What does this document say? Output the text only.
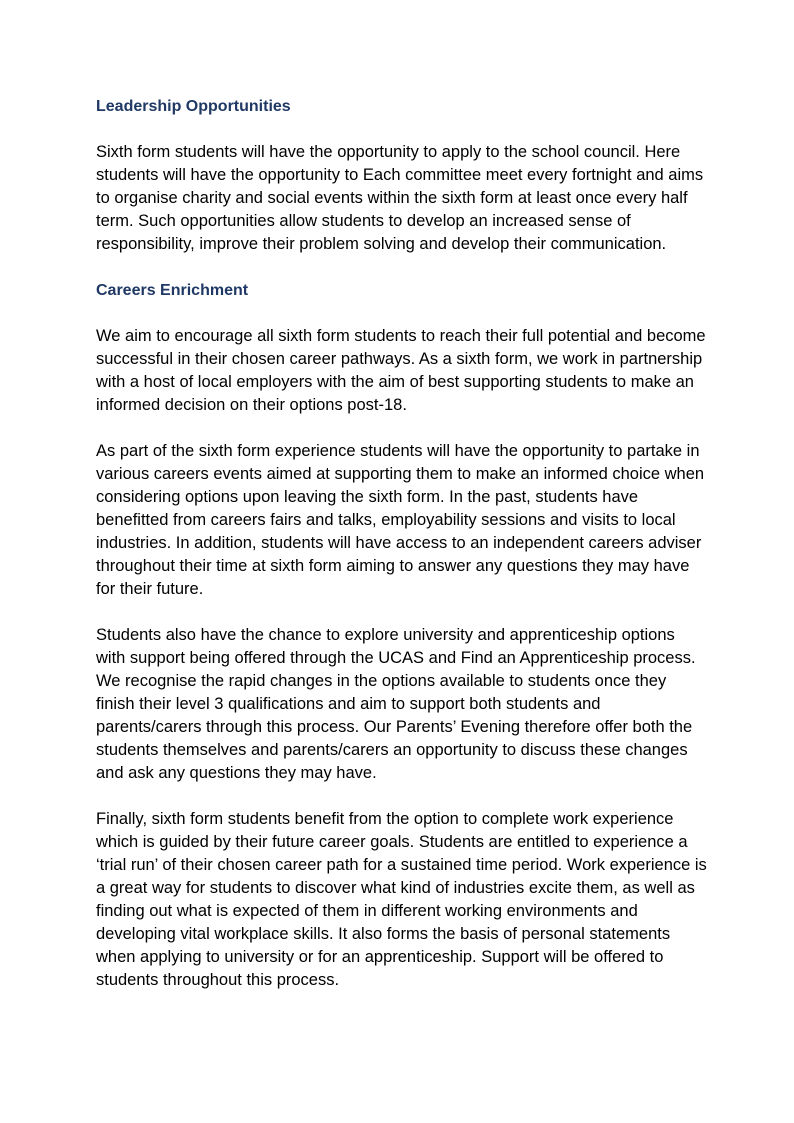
Leadership Opportunities

Sixth form students will have the opportunity to apply to the school council. Here students will have the opportunity to Each committee meet every fortnight and aims to organise charity and social events within the sixth form at least once every half term. Such opportunities allow students to develop an increased sense of responsibility, improve their problem solving and develop their communication.

Careers Enrichment

We aim to encourage all sixth form students to reach their full potential and become successful in their chosen career pathways. As a sixth form, we work in partnership with a host of local employers with the aim of best supporting students to make an informed decision on their options post-18.

As part of the sixth form experience students will have the opportunity to partake in various careers events aimed at supporting them to make an informed choice when considering options upon leaving the sixth form. In the past, students have benefitted from careers fairs and talks, employability sessions and visits to local industries. In addition, students will have access to an independent careers adviser throughout their time at sixth form aiming to answer any questions they may have for their future.

Students also have the chance to explore university and apprenticeship options with support being offered through the UCAS and Find an Apprenticeship process. We recognise the rapid changes in the options available to students once they finish their level 3 qualifications and aim to support both students and parents/carers through this process. Our Parents’ Evening therefore offer both the students themselves and parents/carers an opportunity to discuss these changes and ask any questions they may have.

Finally, sixth form students benefit from the option to complete work experience which is guided by their future career goals. Students are entitled to experience a ‘trial run’ of their chosen career path for a sustained time period. Work experience is a great way for students to discover what kind of industries excite them, as well as finding out what is expected of them in different working environments and developing vital workplace skills. It also forms the basis of personal statements when applying to university or for an apprenticeship. Support will be offered to students throughout this process.
